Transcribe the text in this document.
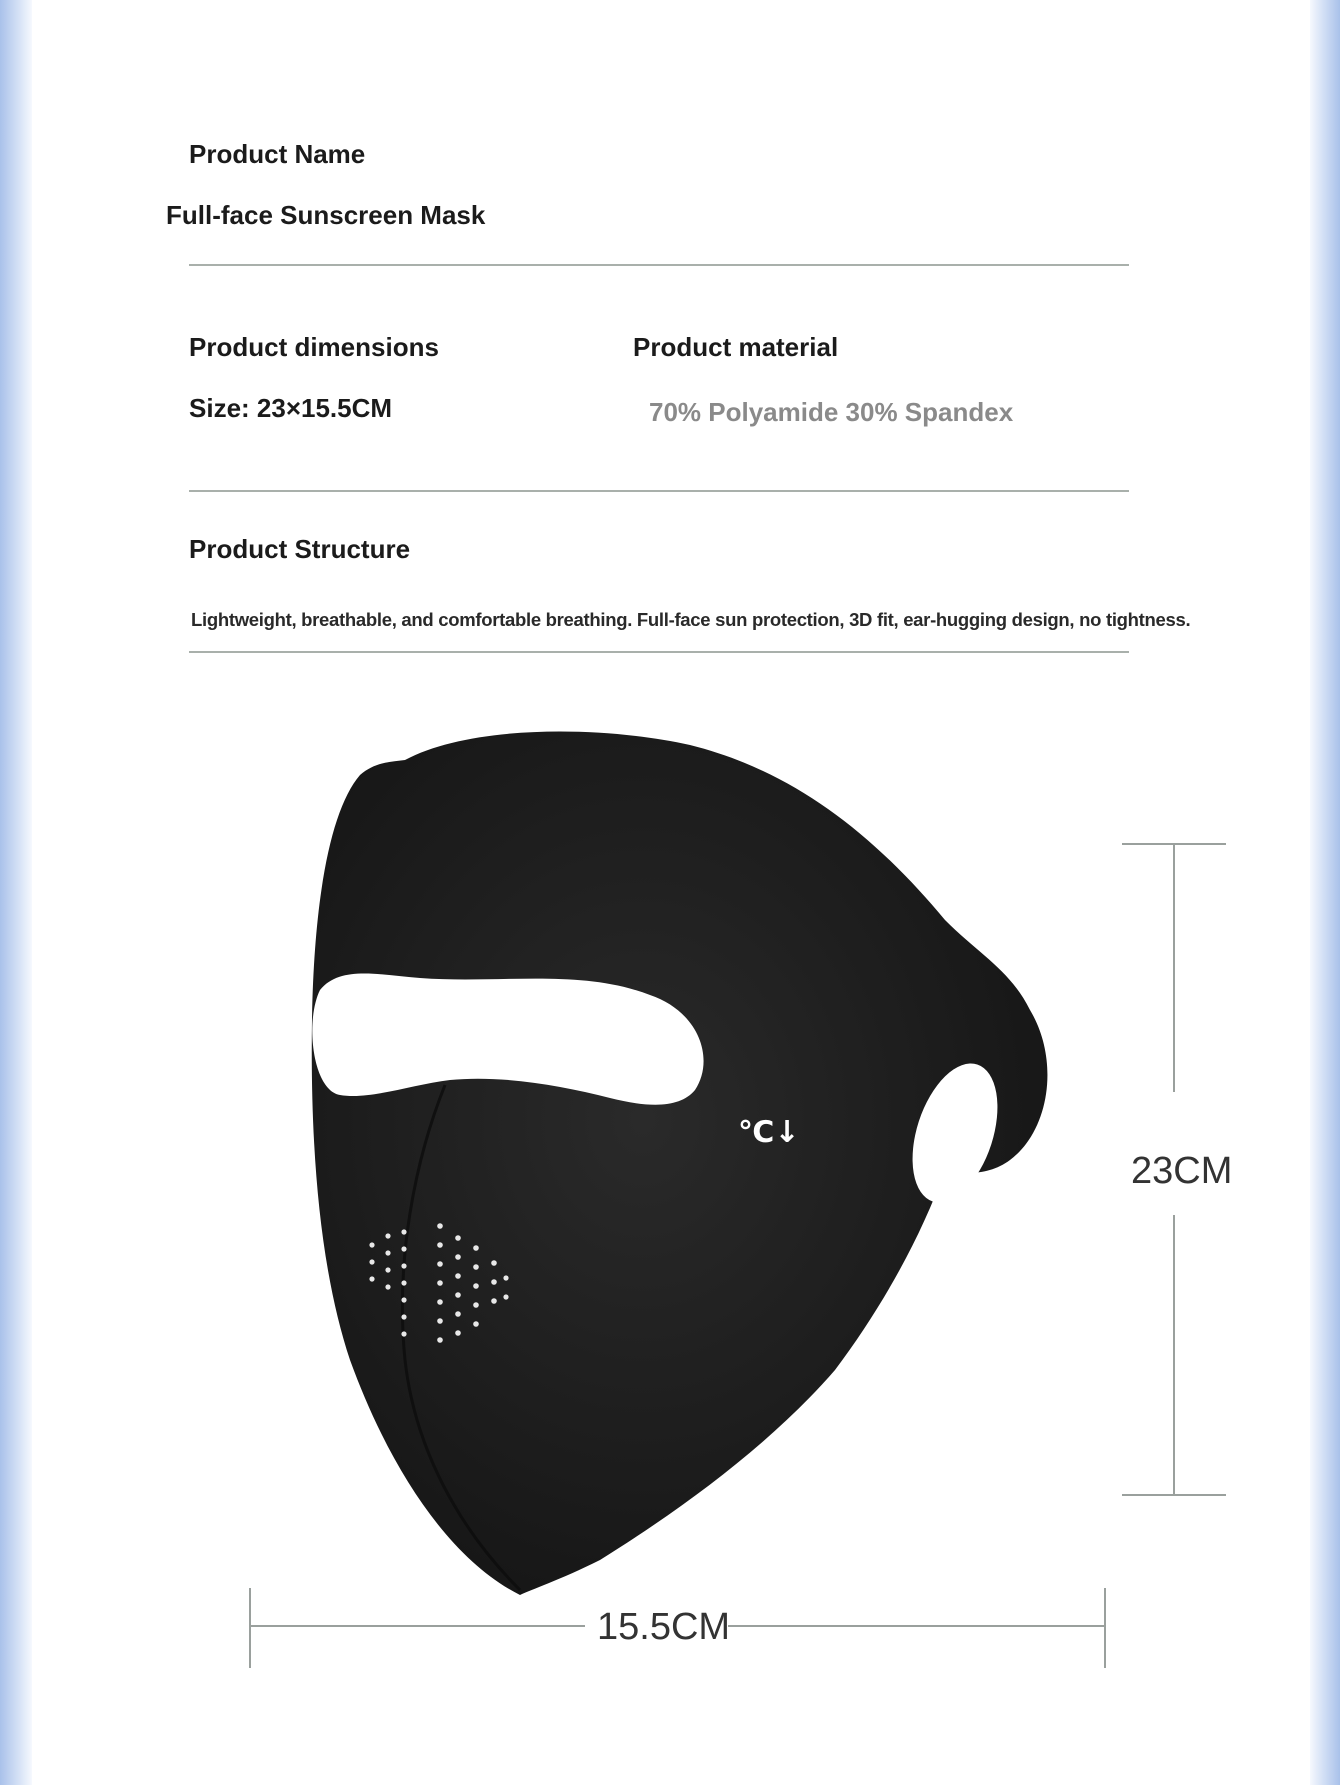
Product Name
Full-face Sunscreen Mask
Product dimensions
Size: 23×15.5CM
Product material
70% Polyamide 30% Spandex
Product Structure
Lightweight, breathable, and comfortable breathing. Full-face sun protection, 3D fit, ear-hugging design, no tightness.
℃↓
23CM
15.5CM
